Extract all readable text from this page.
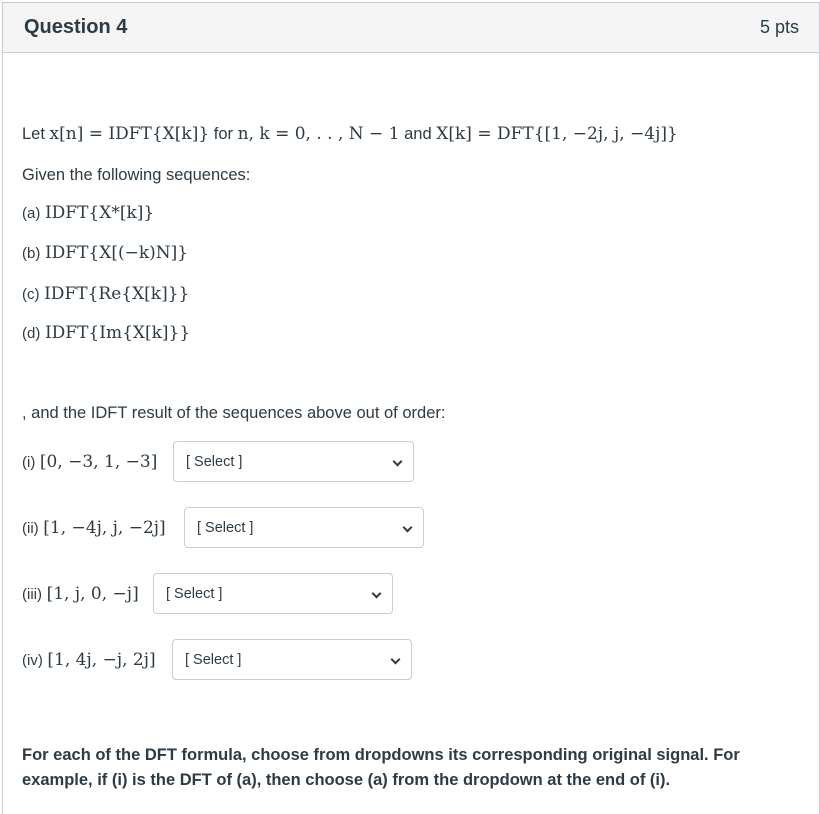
Question 4	5 pts
Let x[n] = IDFT{X[k]} for n, k = 0, . . , N − 1 and X[k] = DFT{[1, −2j, j, −4j]}
Given the following sequences:
(a) IDFT{X*[k]}
(b) IDFT{X[(−k)N]}
(c) IDFT{Re{X[k]}}
(d) IDFT{Im{X[k]}}
, and the IDFT result of the sequences above out of order:
(i) [0, −3, 1, −3] [ Select ]
(ii) [1, −4j, j, −2j] [ Select ]
(iii) [1, j, 0, −j] [ Select ]
(iv) [1, 4j, −j, 2j] [ Select ]
For each of the DFT formula, choose from dropdowns its corresponding original signal. For
example, if (i) is the DFT of (a), then choose (a) from the dropdown at the end of (i).
